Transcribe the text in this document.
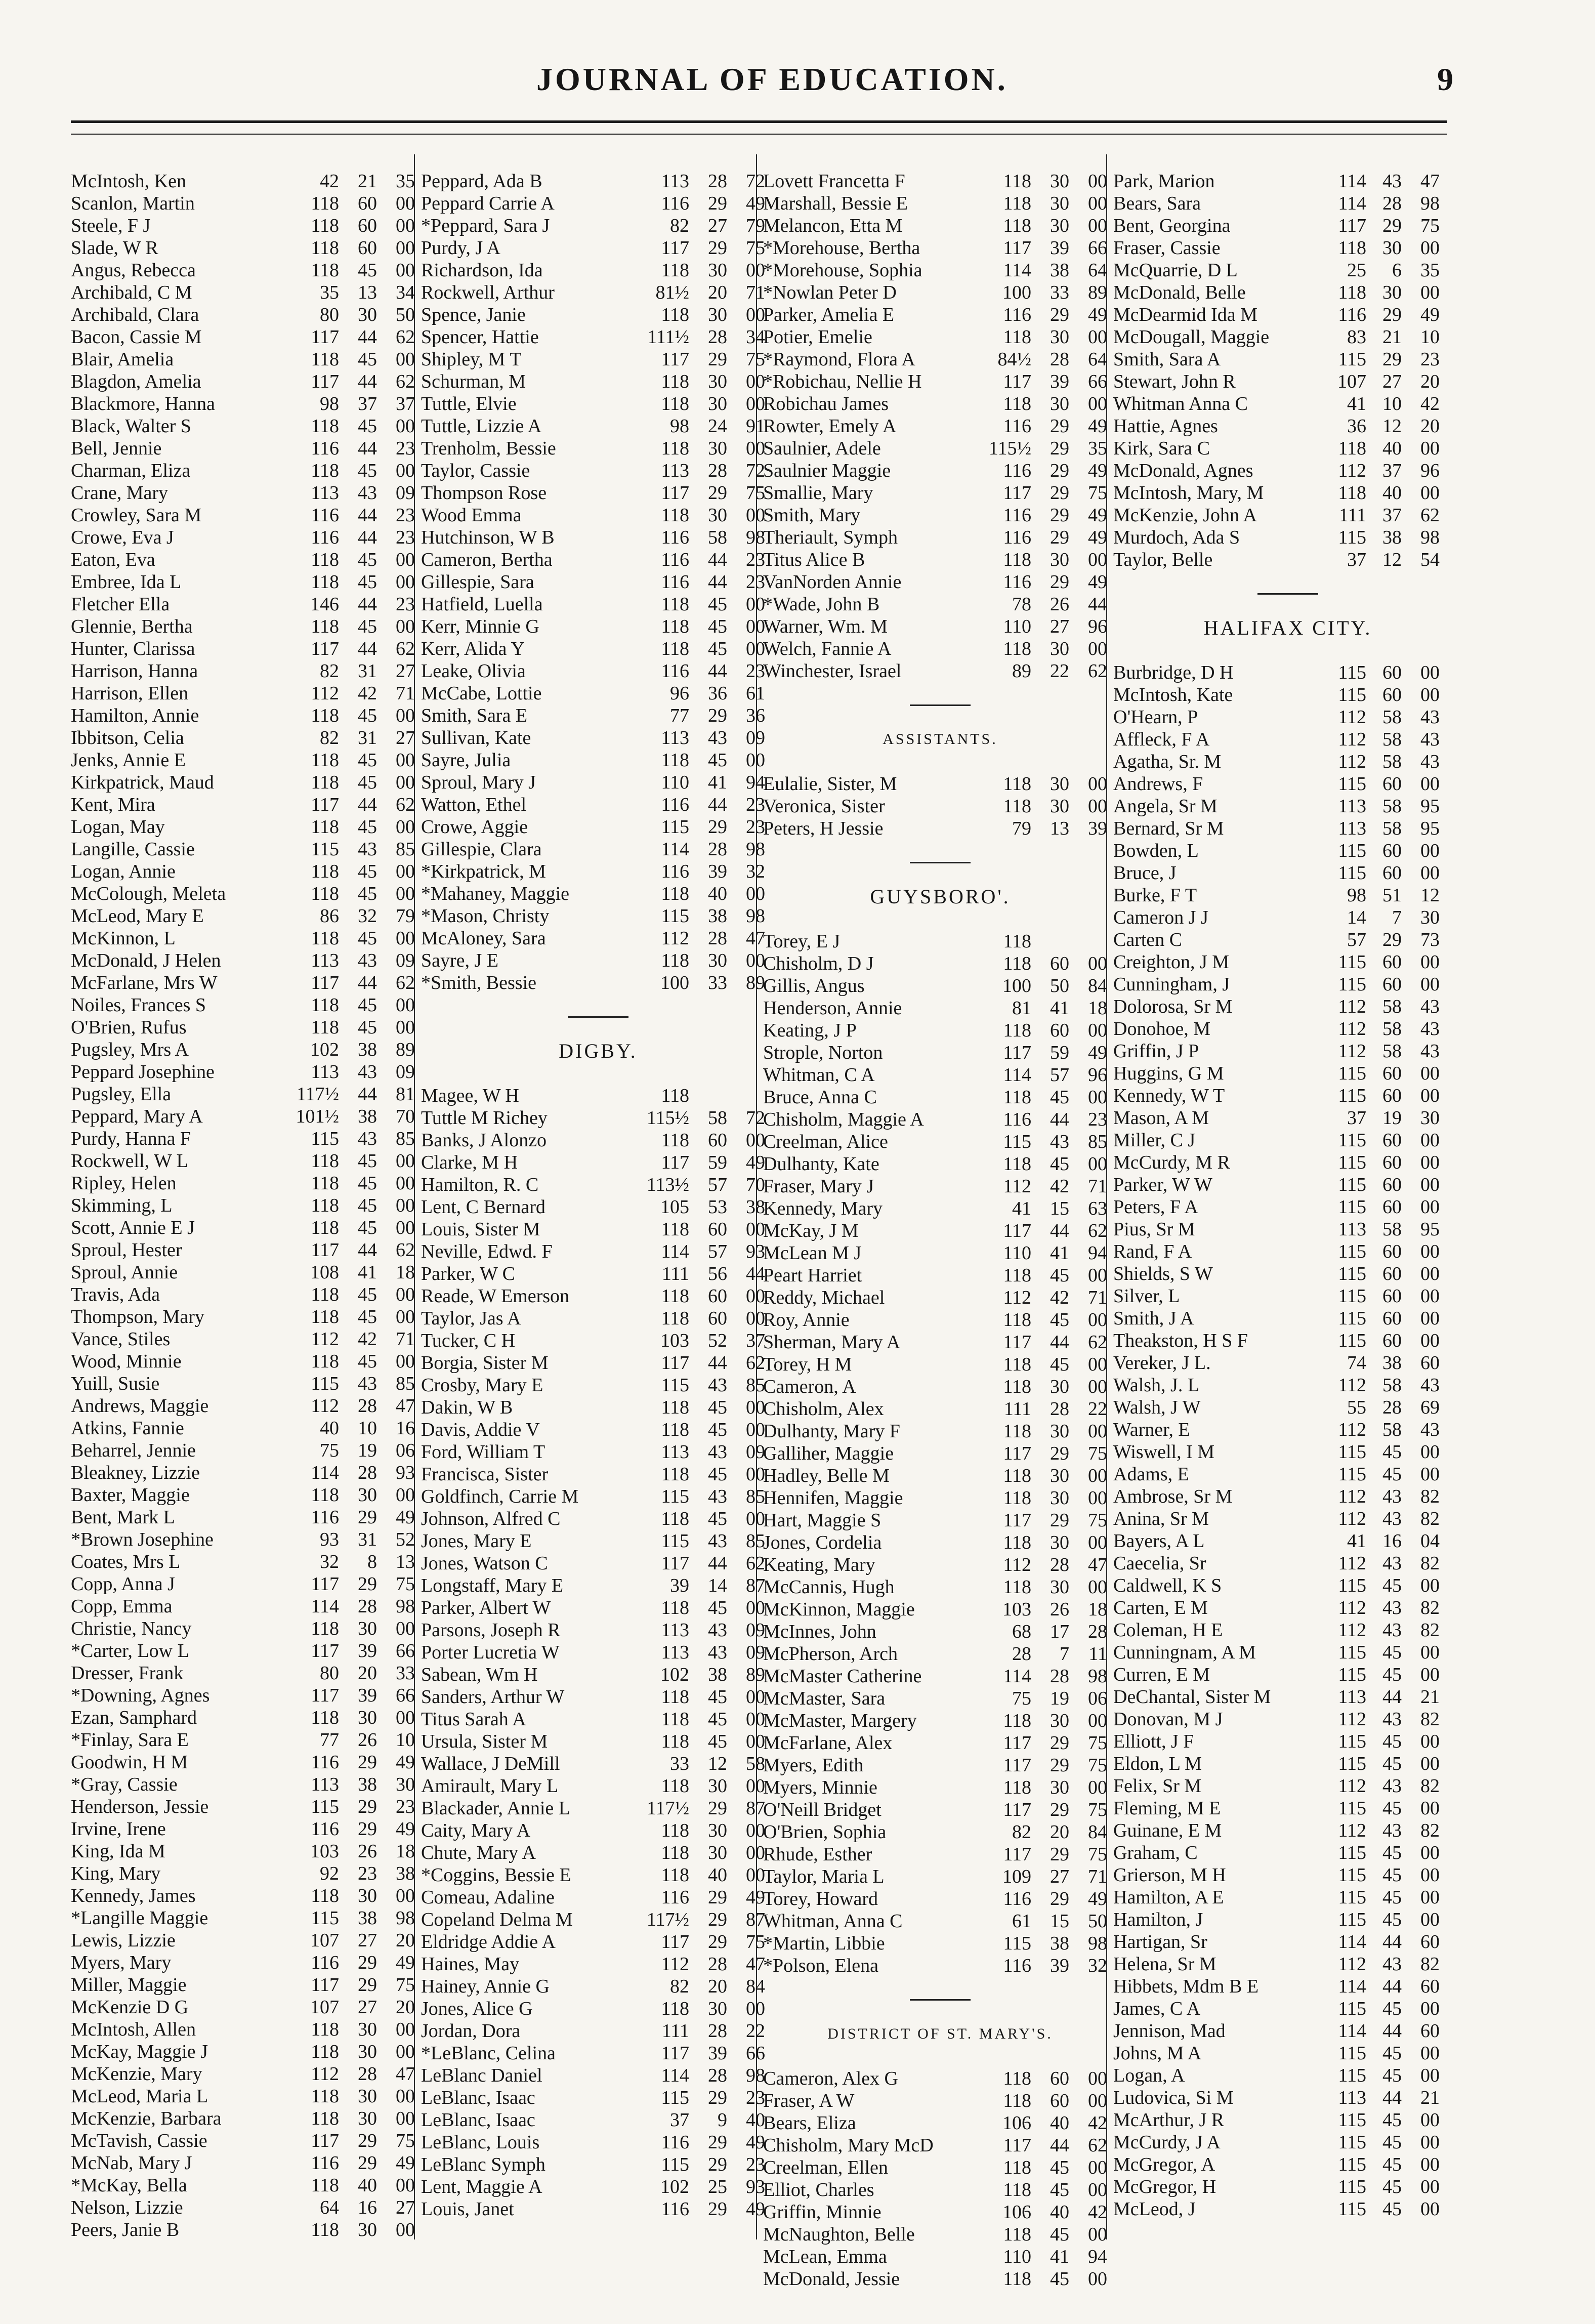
JOURNAL OF EDUCATION.	9
McIntosh, Ken	42 21 35
Scanlon, Martin	118 60 00
Steele, F J	118 60 00
Slade, W R	118 60 00
Angus, Rebecca	118 45 00
Archibald, C M	35 13 34
Archibald, Clara	80 30 50
Bacon, Cassie M	117 44 62
Blair, Amelia	118 45 00
Blagdon, Amelia	117 44 62
Blackmore, Hanna	98 37 37
Black, Walter S	118 45 00
Bell, Jennie	116 44 23
Charman, Eliza	118 45 00
Crane, Mary	113 43 09
Crowley, Sara M	116 44 23
Crowe, Eva J	116 44 23
Eaton, Eva	118 45 00
Embree, Ida L	118 45 00
Fletcher Ella	146 44 23
Glennie, Bertha	118 45 00
Hunter, Clarissa	117 44 62
Harrison, Hanna	82 31 27
Harrison, Ellen	112 42 71
Hamilton, Annie	118 45 00
Ibbitson, Celia	82 31 27
Jenks, Annie E	118 45 00
Kirkpatrick, Maud	118 45 00
Kent, Mira	117 44 62
Logan, May	118 45 00
Langille, Cassie	115 43 85
Logan, Annie	118 45 00
McColough, Meleta	118 45 00
McLeod, Mary E	86 32 79
McKinnon, L	118 45 00
McDonald, J Helen	113 43 09
McFarlane, Mrs W	117 44 62
Noiles, Frances S	118 45 00
O'Brien, Rufus	118 45 00
Pugsley, Mrs A	102 38 89
Peppard Josephine	113 43 09
Pugsley, Ella	117½ 44 81
Peppard, Mary A	101½ 38 70
Purdy, Hanna F	115 43 85
Rockwell, W L	118 45 00
Ripley, Helen	118 45 00
Skimming, L	118 45 00
Scott, Annie E J	118 45 00
Sproul, Hester	117 44 62
Sproul, Annie	108 41 18
Travis, Ada	118 45 00
Thompson, Mary	118 45 00
Vance, Stiles	112 42 71
Wood, Minnie	118 45 00
Yuill, Susie	115 43 85
Andrews, Maggie	112 28 47
Atkins, Fannie	40 10 16
Beharrel, Jennie	75 19 06
Bleakney, Lizzie	114 28 93
Baxter, Maggie	118 30 00
Bent, Mark L	116 29 49
*Brown Josephine	93 31 52
Coates, Mrs L	32	8 13
Copp, Anna J	117 29 75
Copp, Emma	114 28 98
Christie, Nancy	118 30 00
*Carter, Low L	117 39 66
Dresser, Frank	80 20 33
*Downing, Agnes	117 39 66
Ezan, Samphard	118 30 00
*Finlay, Sara E	77 26 10
Goodwin, H M	116 29 49
*Gray, Cassie	113 38 30
Henderson, Jessie	115 29 23
Irvine, Irene	116 29 49
King, Ida M	103 26 18
King, Mary	92 23 38
Kennedy, James	118 30 00
*Langille Maggie	115 38 98
Lewis, Lizzie	107 27 20
Myers, Mary	116 29 49
Miller, Maggie	117 29 75
McKenzie D G	107 27 20
McIntosh, Allen	118 30 00
McKay, Maggie J	118 30 00
McKenzie, Mary	112 28 47
McLeod, Maria L	118 30 00
McKenzie, Barbara	118 30 00
McTavish, Cassie	117 29 75
McNab, Mary J	116 29 49
*McKay, Bella	118 40 00
Nelson, Lizzie	64 16 27
Peers, Janie B	118 30 00
Peppard, Ada B	113 28 72
Peppard Carrie A	116 29 49
*Peppard, Sara J	82 27 79
Purdy, J A	117 29 75
Richardson, Ida	118 30 00
Rockwell, Arthur	81½ 20 71
Spence, Janie	118 30 00
Spencer, Hattie	111½ 28 34
Shipley, M T	117 29 75
Schurman, M	118 30 00
Tuttle, Elvie	118 30 00
Tuttle, Lizzie A	98 24 91
Trenholm, Bessie	118 30 00
Taylor, Cassie	113 28 72
Thompson Rose	117 29 75
Wood Emma	118 30 00
Hutchinson, W B	116 58 98
Cameron, Bertha	116 44 23
Gillespie, Sara	116 44 23
Hatfield, Luella	118 45 00
Kerr, Minnie G	118 45 00
Kerr, Alida Y	118 45 00
Leake, Olivia	116 44 23
McCabe, Lottie	96 36 61
Smith, Sara E	77 29 36
Sullivan, Kate	113 43 09
Sayre, Julia	118 45 00
Sproul, Mary J	110 41 94
Watton, Ethel	116 44 23
Crowe, Aggie	115 29 23
Gillespie, Clara	114 28 98
*Kirkpatrick, M	116 39 32
*Mahaney, Maggie	118 40 00
*Mason, Christy	115 38 98
McAloney, Sara	112 28 47
Sayre, J E	118 30 00
*Smith, Bessie	100 33 89
DIGBY.
Magee, W H	118
Tuttle M Richey	115½ 58 72
Banks, J Alonzo	118 60 00
Clarke, M H	117 59 49
Hamilton, R. C	113½ 57 70
Lent, C Bernard	105 53 38
Louis, Sister M	118 60 00
Neville, Edwd. F	114 57 93
Parker, W C	111 56 44
Reade, W Emerson	118 60 00
Taylor, Jas A	118 60 00
Tucker, C H	103 52 37
Borgia, Sister M	117 44 62
Crosby, Mary E	115 43 85
Dakin, W B	118 45 00
Davis, Addie V	118 45 00
Ford, William T	113 43 09
Francisca, Sister	118 45 00
Goldfinch, Carrie M	115 43 85
Johnson, Alfred C	118 45 00
Jones, Mary E	115 43 85
Jones, Watson C	117 44 62
Longstaff, Mary E	39 14 87
Parker, Albert W	118 45 00
Parsons, Joseph R	113 43 09
Porter Lucretia W	113 43 09
Sabean, Wm H	102 38 89
Sanders, Arthur W	118 45 00
Titus Sarah A	118 45 00
Ursula, Sister M	118 45 00
Wallace, J DeMill	33 12 58
Amirault, Mary L	118 30 00
Blackader, Annie L	117½ 29 87
Caity, Mary A	118 30 00
Chute, Mary A	118 30 00
*Coggins, Bessie E	118 40 00
Comeau, Adaline	116 29 49
Copeland Delma M	117½ 29 87
Eldridge Addie A	117 29 75
Haines, May	112 28 47
Hainey, Annie G	82 20 84
Jones, Alice G	118 30 00
Jordan, Dora	111 28 22
*LeBlanc, Celina	117 39 66
LeBlanc Daniel	114 28 98
LeBlanc, Isaac	115 29 23
LeBlanc, Isaac	37	9 40
LeBlanc, Louis	116 29 49
LeBlanc Symph	115 29 23
Lent, Maggie A	102 25 93
Louis, Janet	116 29 49
Lovett Francetta F	118 30 00
Marshall, Bessie E	118 30 00
Melancon, Etta M	118 30 00
*Morehouse, Bertha	117 39 66
*Morehouse, Sophia	114 38 64
*Nowlan Peter D	100 33 89
Parker, Amelia E	116 29 49
Potier, Emelie	118 30 00
*Raymond, Flora A	84½ 28 64
*Robichau, Nellie H	117 39 66
Robichau James	118 30 00
Rowter, Emely A	116 29 49
Saulnier, Adele	115½ 29 35
Saulnier Maggie	116 29 49
Smallie, Mary	117 29 75
Smith, Mary	116 29 49
Theriault, Symph	116 29 49
Titus Alice B	118 30 00
VanNorden Annie	116 29 49
*Wade, John B	78 26 44
Warner, Wm. M	110 27 96
Welch, Fannie A	118 30 00
Winchester, Israel	89 22 62
ASSISTANTS.
Eulalie, Sister, M	118 30 00
Veronica, Sister	118 30 00
Peters, H Jessie	79 13 39
GUYSBORO'.
Torey, E J	118
Chisholm, D J	118 60 00
Gillis, Angus	100 50 84
Henderson, Annie	81 41 18
Keating, J P	118 60 00
Strople, Norton	117 59 49
Whitman, C A	114 57 96
Bruce, Anna C	118 45 00
Chisholm, Maggie A	116 44 23
Creelman, Alice	115 43 85
Dulhanty, Kate	118 45 00
Fraser, Mary J	112 42 71
Kennedy, Mary	41 15 63
McKay, J M	117 44 62
McLean M J	110 41 94
Peart Harriet	118 45 00
Reddy, Michael	112 42 71
Roy, Annie	118 45 00
Sherman, Mary A	117 44 62
Torey, H M	118 45 00
Cameron, A	118 30 00
Chisholm, Alex	111 28 22
Dulhanty, Mary F	118 30 00
Galliher, Maggie	117 29 75
Hadley, Belle M	118 30 00
Hennifen, Maggie	118 30 00
Hart, Maggie S	117 29 75
Jones, Cordelia	118 30 00
Keating, Mary	112 28 47
McCannis, Hugh	118 30 00
McKinnon, Maggie	103 26 18
McInnes, John	68 17 28
McPherson, Arch	28	7	11
McMaster Catherine	114 28 98
McMaster, Sara	75 19 06
McMaster, Margery	118 30 00
McFarlane, Alex	117 29 75
Myers, Edith	117 29 75
Myers, Minnie	118 30 00
O'Neill Bridget	117 29 75
O'Brien, Sophia	82 20 84
Rhude, Esther	117 29 75
Taylor, Maria L	109 27 71
Torey, Howard	116 29 49
Whitman, Anna C	61 15 50
*Martin, Libbie	115 38 98
*Polson, Elena	116 39 32
DISTRICT OF ST. MARY'S.
Cameron, Alex G	118 60 00
Fraser, A W	118 60 00
Bears, Eliza	106 40 42
Chisholm, Mary McD	117 44 62
Creelman, Ellen	118 45 00
Elliot, Charles	118 45 00
Griffin, Minnie	106 40 42
McNaughton, Belle	118 45 00
McLean, Emma	110 41 94
McDonald, Jessie	118 45 00
Park, Marion	114 43 47
Bears, Sara	114 28 98
Bent, Georgina	117 29 75
Fraser, Cassie	118 30 00
McQuarrie, D L	25	6 35
McDonald, Belle	118 30 00
McDearmid Ida M	116 29 49
McDougall, Maggie	83 21 10
Smith, Sara A	115 29 23
Stewart, John R	107 27 20
Whitman Anna C	41 10 42
Hattie, Agnes	36 12 20
Kirk, Sara C	118 40 00
McDonald, Agnes	112 37 96
McIntosh, Mary, M	118 40 00
McKenzie, John A	111 37 62
Murdoch, Ada S	115 38 98
Taylor, Belle	37 12 54
HALIFAX CITY.
Burbridge, D H	115 60 00
McIntosh, Kate	115 60 00
O'Hearn, P	112 58 43
Affleck, F A	112 58 43
Agatha, Sr. M	112 58 43
Andrews, F	115 60 00
Angela, Sr M	113 58 95
Bernard, Sr M	113 58 95
Bowden, L	115 60 00
Bruce, J	115 60 00
Burke, F T	98 51 12
Cameron J J	14	7 30
Carten C	57 29 73
Creighton, J M	115 60 00
Cunningham, J	115 60 00
Dolorosa, Sr M	112 58 43
Donohoe, M	112 58 43
Griffin, J P	112 58 43
Huggins, G M	115 60 00
Kennedy, W T	115 60 00
Mason, A M	37 19 30
Miller, C J	115 60 00
McCurdy, M R	115 60 00
Parker, W W	115 60 00
Peters, F A	115 60 00
Pius, Sr M	113 58 95
Rand, F A	115 60 00
Shields, S W	115 60 00
Silver, L	115 60 00
Smith, J A	115 60 00
Theakston, H S F	115 60 00
Vereker, J L.	74 38 60
Walsh, J. L	112 58 43
Walsh, J W	55 28 69
Warner, E	112 58 43
Wiswell, I M	115 45 00
Adams, E	115 45 00
Ambrose, Sr M	112 43 82
Anina, Sr M	112 43 82
Bayers, A L	41 16 04
Caecelia, Sr	112 43 82
Caldwell, K S	115 45 00
Carten, E M	112 43 82
Coleman, H E	112 43 82
Cunningnam, A M	115 45 00
Curren, E M	115 45 00
DeChantal, Sister M	113 44 21
Donovan, M J	112 43 82
Elliott, J F	115 45 00
Eldon, L M	115 45 00
Felix, Sr M	112 43 82
Fleming, M E	115 45 00
Guinane, E M	112 43 82
Graham, C	115 45 00
Grierson, M H	115 45 00
Hamilton, A E	115 45 00
Hamilton, J	115 45 00
Hartigan, Sr	114 44 60
Helena, Sr M	112 43 82
Hibbets, Mdm B E	114 44 60
James, C A	115 45 00
Jennison, Mad	114 44 60
Johns, M A	115 45 00
Logan, A	115 45 00
Ludovica, Si M	113 44 21
McArthur, J R	115 45 00
McCurdy, J A	115 45 00
McGregor, A	115 45 00
McGregor, H	115 45 00
McLeod, J	115 45 00
